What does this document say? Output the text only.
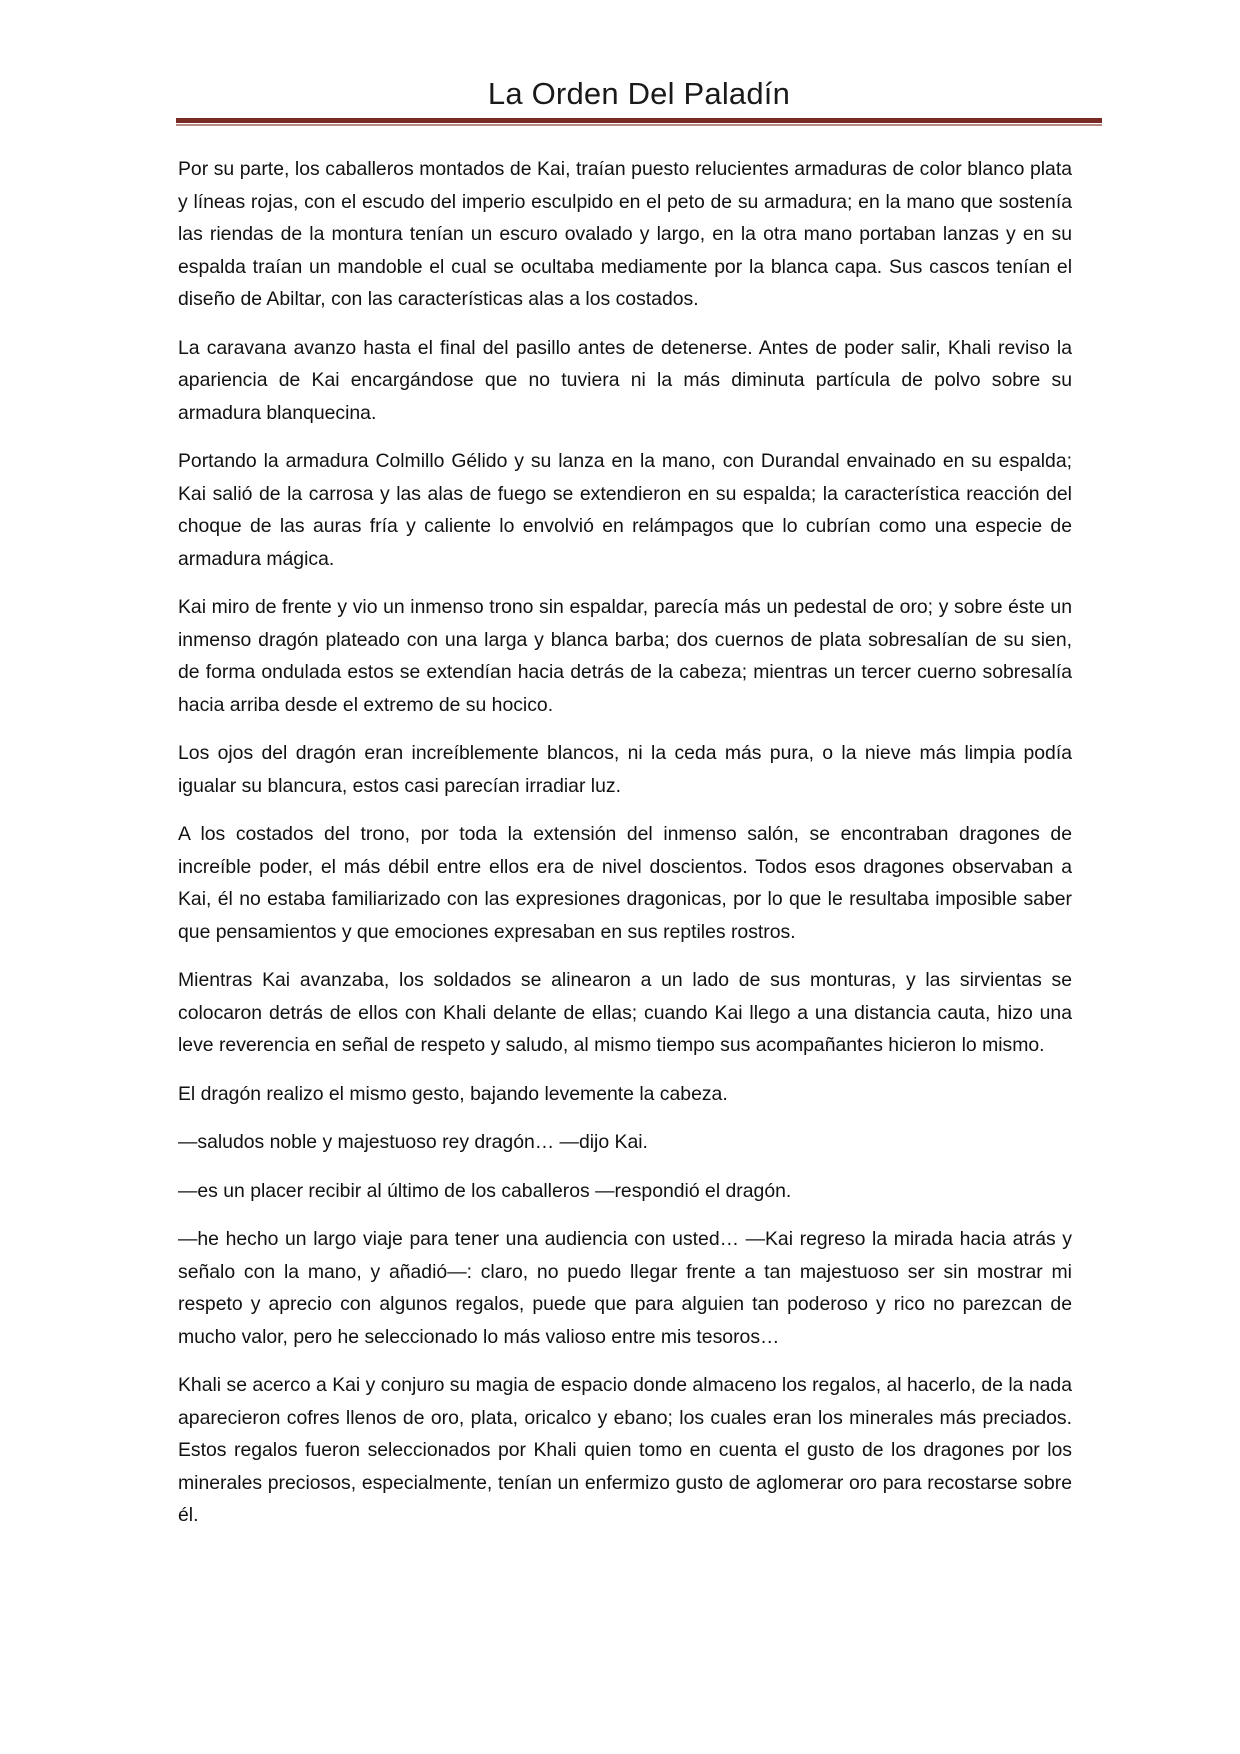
La Orden Del Paladín

Por su parte, los caballeros montados de Kai, traían puesto relucientes armaduras de color blanco plata y líneas rojas, con el escudo del imperio esculpido en el peto de su armadura; en la mano que sostenía las riendas de la montura tenían un escuro ovalado y largo, en la otra mano portaban lanzas y en su espalda traían un mandoble el cual se ocultaba mediamente por la blanca capa. Sus cascos tenían el diseño de Abiltar, con las características alas a los costados.

La caravana avanzo hasta el final del pasillo antes de detenerse. Antes de poder salir, Khali reviso la apariencia de Kai encargándose que no tuviera ni la más diminuta partícula de polvo sobre su armadura blanquecina.

Portando la armadura Colmillo Gélido y su lanza en la mano, con Durandal envainado en su espalda; Kai salió de la carrosa y las alas de fuego se extendieron en su espalda; la característica reacción del choque de las auras fría y caliente lo envolvió en relámpagos que lo cubrían como una especie de armadura mágica.

Kai miro de frente y vio un inmenso trono sin espaldar, parecía más un pedestal de oro; y sobre éste un inmenso dragón plateado con una larga y blanca barba; dos cuernos de plata sobresalían de su sien, de forma ondulada estos se extendían hacia detrás de la cabeza; mientras un tercer cuerno sobresalía hacia arriba desde el extremo de su hocico.

Los ojos del dragón eran increíblemente blancos, ni la ceda más pura, o la nieve más limpia podía igualar su blancura, estos casi parecían irradiar luz.

A los costados del trono, por toda la extensión del inmenso salón, se encontraban dragones de increíble poder, el más débil entre ellos era de nivel doscientos. Todos esos dragones observaban a Kai, él no estaba familiarizado con las expresiones dragonicas, por lo que le resultaba imposible saber que pensamientos y que emociones expresaban en sus reptiles rostros.

Mientras Kai avanzaba, los soldados se alinearon a un lado de sus monturas, y las sirvientas se colocaron detrás de ellos con Khali delante de ellas; cuando Kai llego a una distancia cauta, hizo una leve reverencia en señal de respeto y saludo, al mismo tiempo sus acompañantes hicieron lo mismo.

El dragón realizo el mismo gesto, bajando levemente la cabeza.

—saludos noble y majestuoso rey dragón… —dijo Kai.

—es un placer recibir al último de los caballeros —respondió el dragón.

—he hecho un largo viaje para tener una audiencia con usted… —Kai regreso la mirada hacia atrás y señalo con la mano, y añadió—: claro, no puedo llegar frente a tan majestuoso ser sin mostrar mi respeto y aprecio con algunos regalos, puede que para alguien tan poderoso y rico no parezcan de mucho valor, pero he seleccionado lo más valioso entre mis tesoros…

Khali se acerco a Kai y conjuro su magia de espacio donde almaceno los regalos, al hacerlo, de la nada aparecieron cofres llenos de oro, plata, oricalco y ebano; los cuales eran los minerales más preciados. Estos regalos fueron seleccionados por Khali quien tomo en cuenta el gusto de los dragones por los minerales preciosos, especialmente, tenían un enfermizo gusto de aglomerar oro para recostarse sobre él.
